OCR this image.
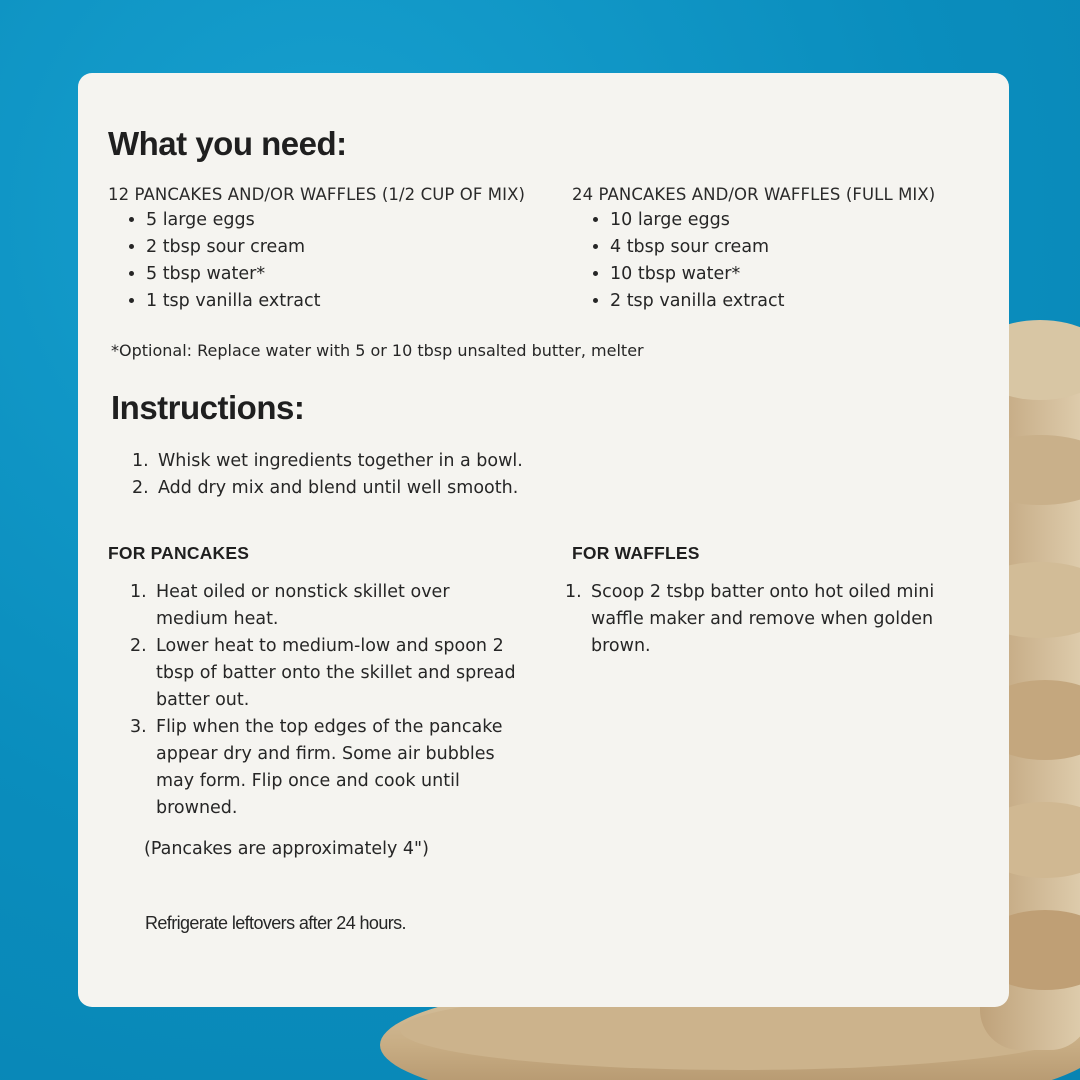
What you need:
12 PANCAKES AND/OR WAFFLES (1/2 CUP OF MIX)
• 5 large eggs
• 2 tbsp sour cream
• 5 tbsp water*
• 1 tsp vanilla extract
24 PANCAKES AND/OR WAFFLES (FULL MIX)
• 10 large eggs
• 4 tbsp sour cream
• 10 tbsp water*
• 2 tsp vanilla extract
*Optional: Replace water with 5 or 10 tbsp unsalted butter, melter
Instructions:
1. Whisk wet ingredients together in a bowl.
2. Add dry mix and blend until well smooth.
FOR PANCAKES
1. Heat oiled or nonstick skillet over medium heat.
2. Lower heat to medium-low and spoon 2 tbsp of batter onto the skillet and spread batter out.
3. Flip when the top edges of the pancake appear dry and firm. Some air bubbles may form. Flip once and cook until browned.
(Pancakes are approximately 4")
Refrigerate leftovers after 24 hours.
FOR WAFFLES
1. Scoop 2 tsbp batter onto hot oiled mini waffle maker and remove when golden brown.
